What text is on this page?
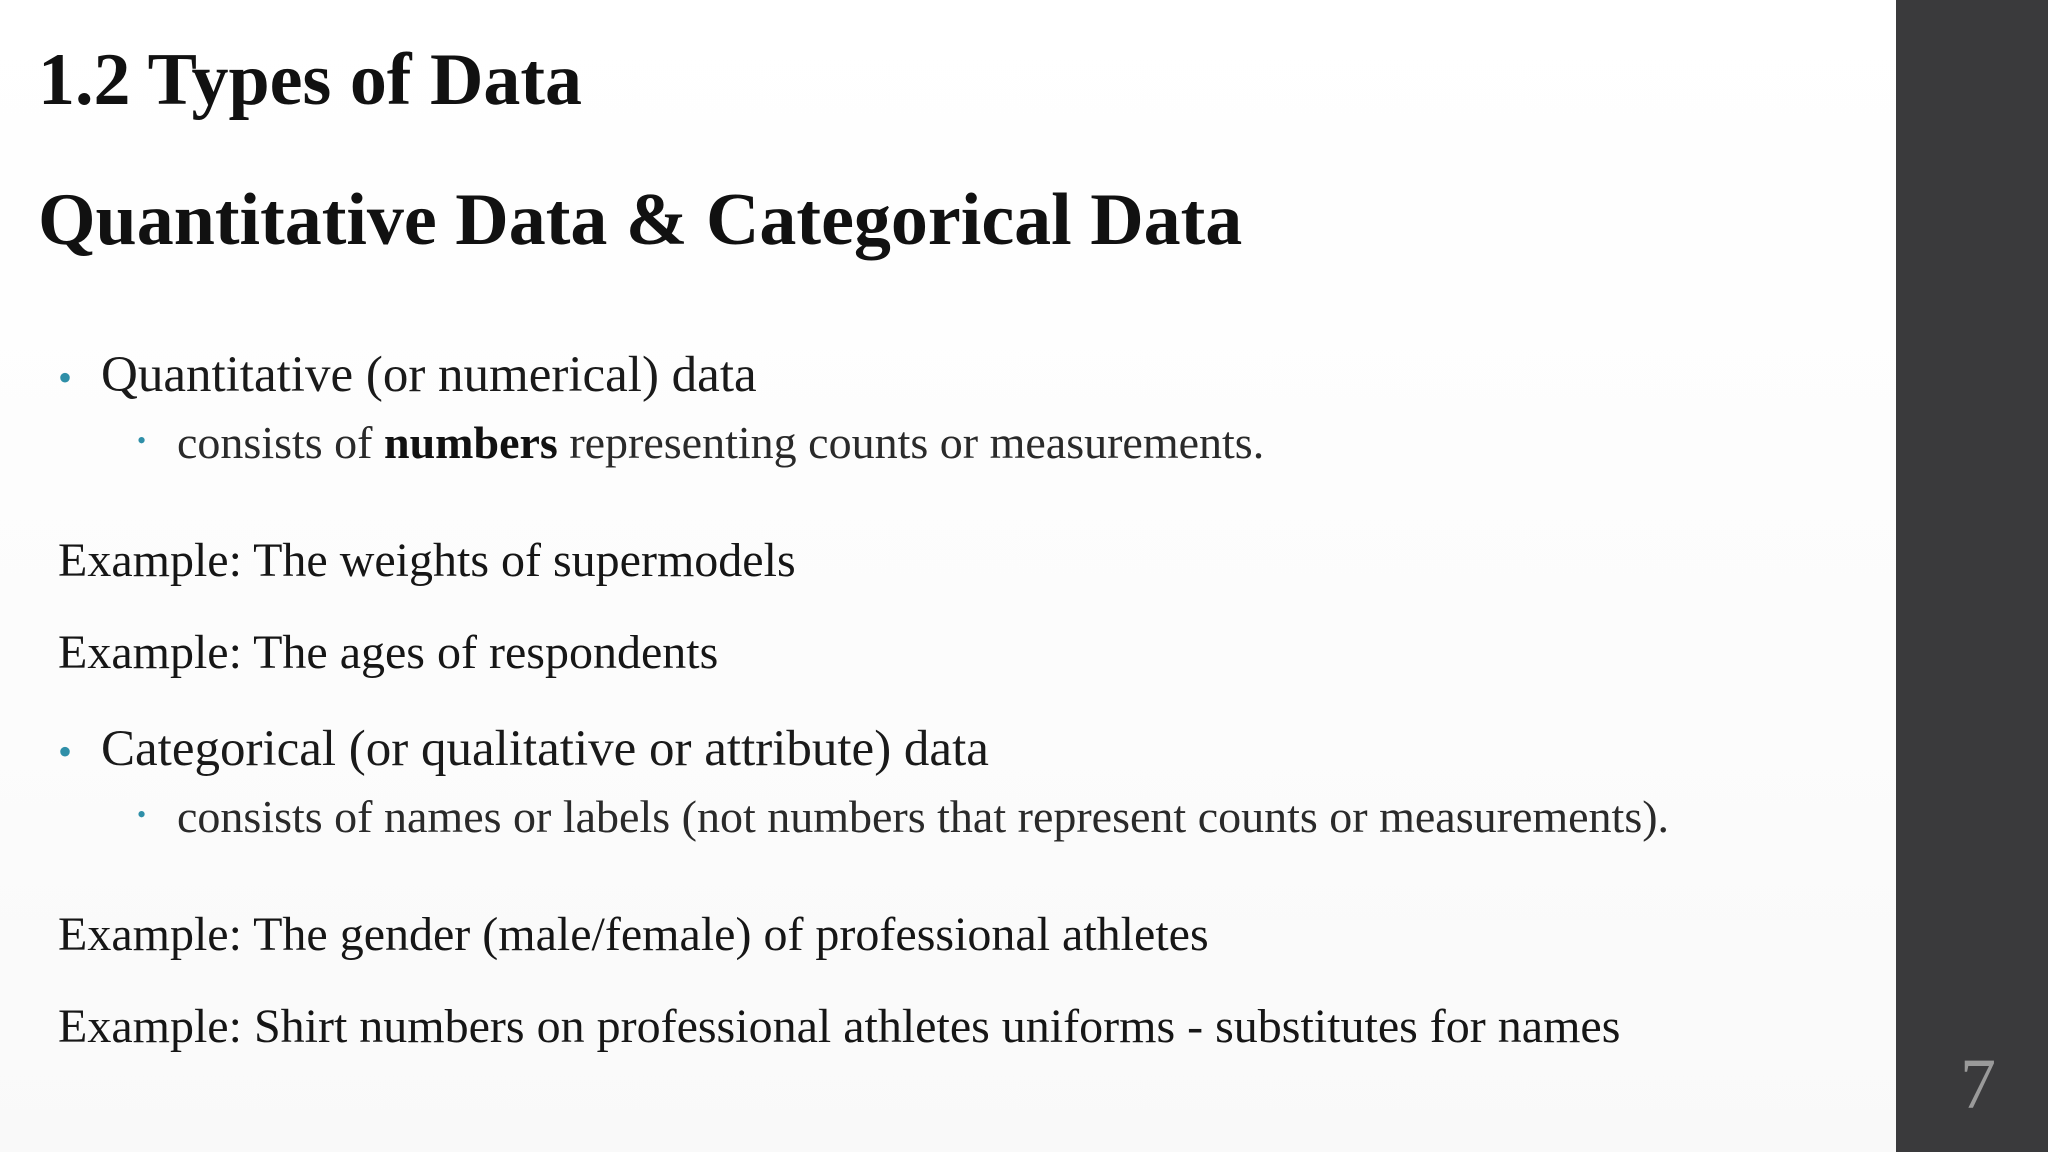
1.2 Types of Data
Quantitative Data & Categorical Data
• Quantitative (or numerical) data
• consists of numbers representing counts or measurements.
Example: The weights of supermodels
Example: The ages of respondents
• Categorical (or qualitative or attribute) data
• consists of names or labels (not numbers that represent counts or measurements).
Example: The gender (male/female) of professional athletes
Example: Shirt numbers on professional athletes uniforms - substitutes for names
7
